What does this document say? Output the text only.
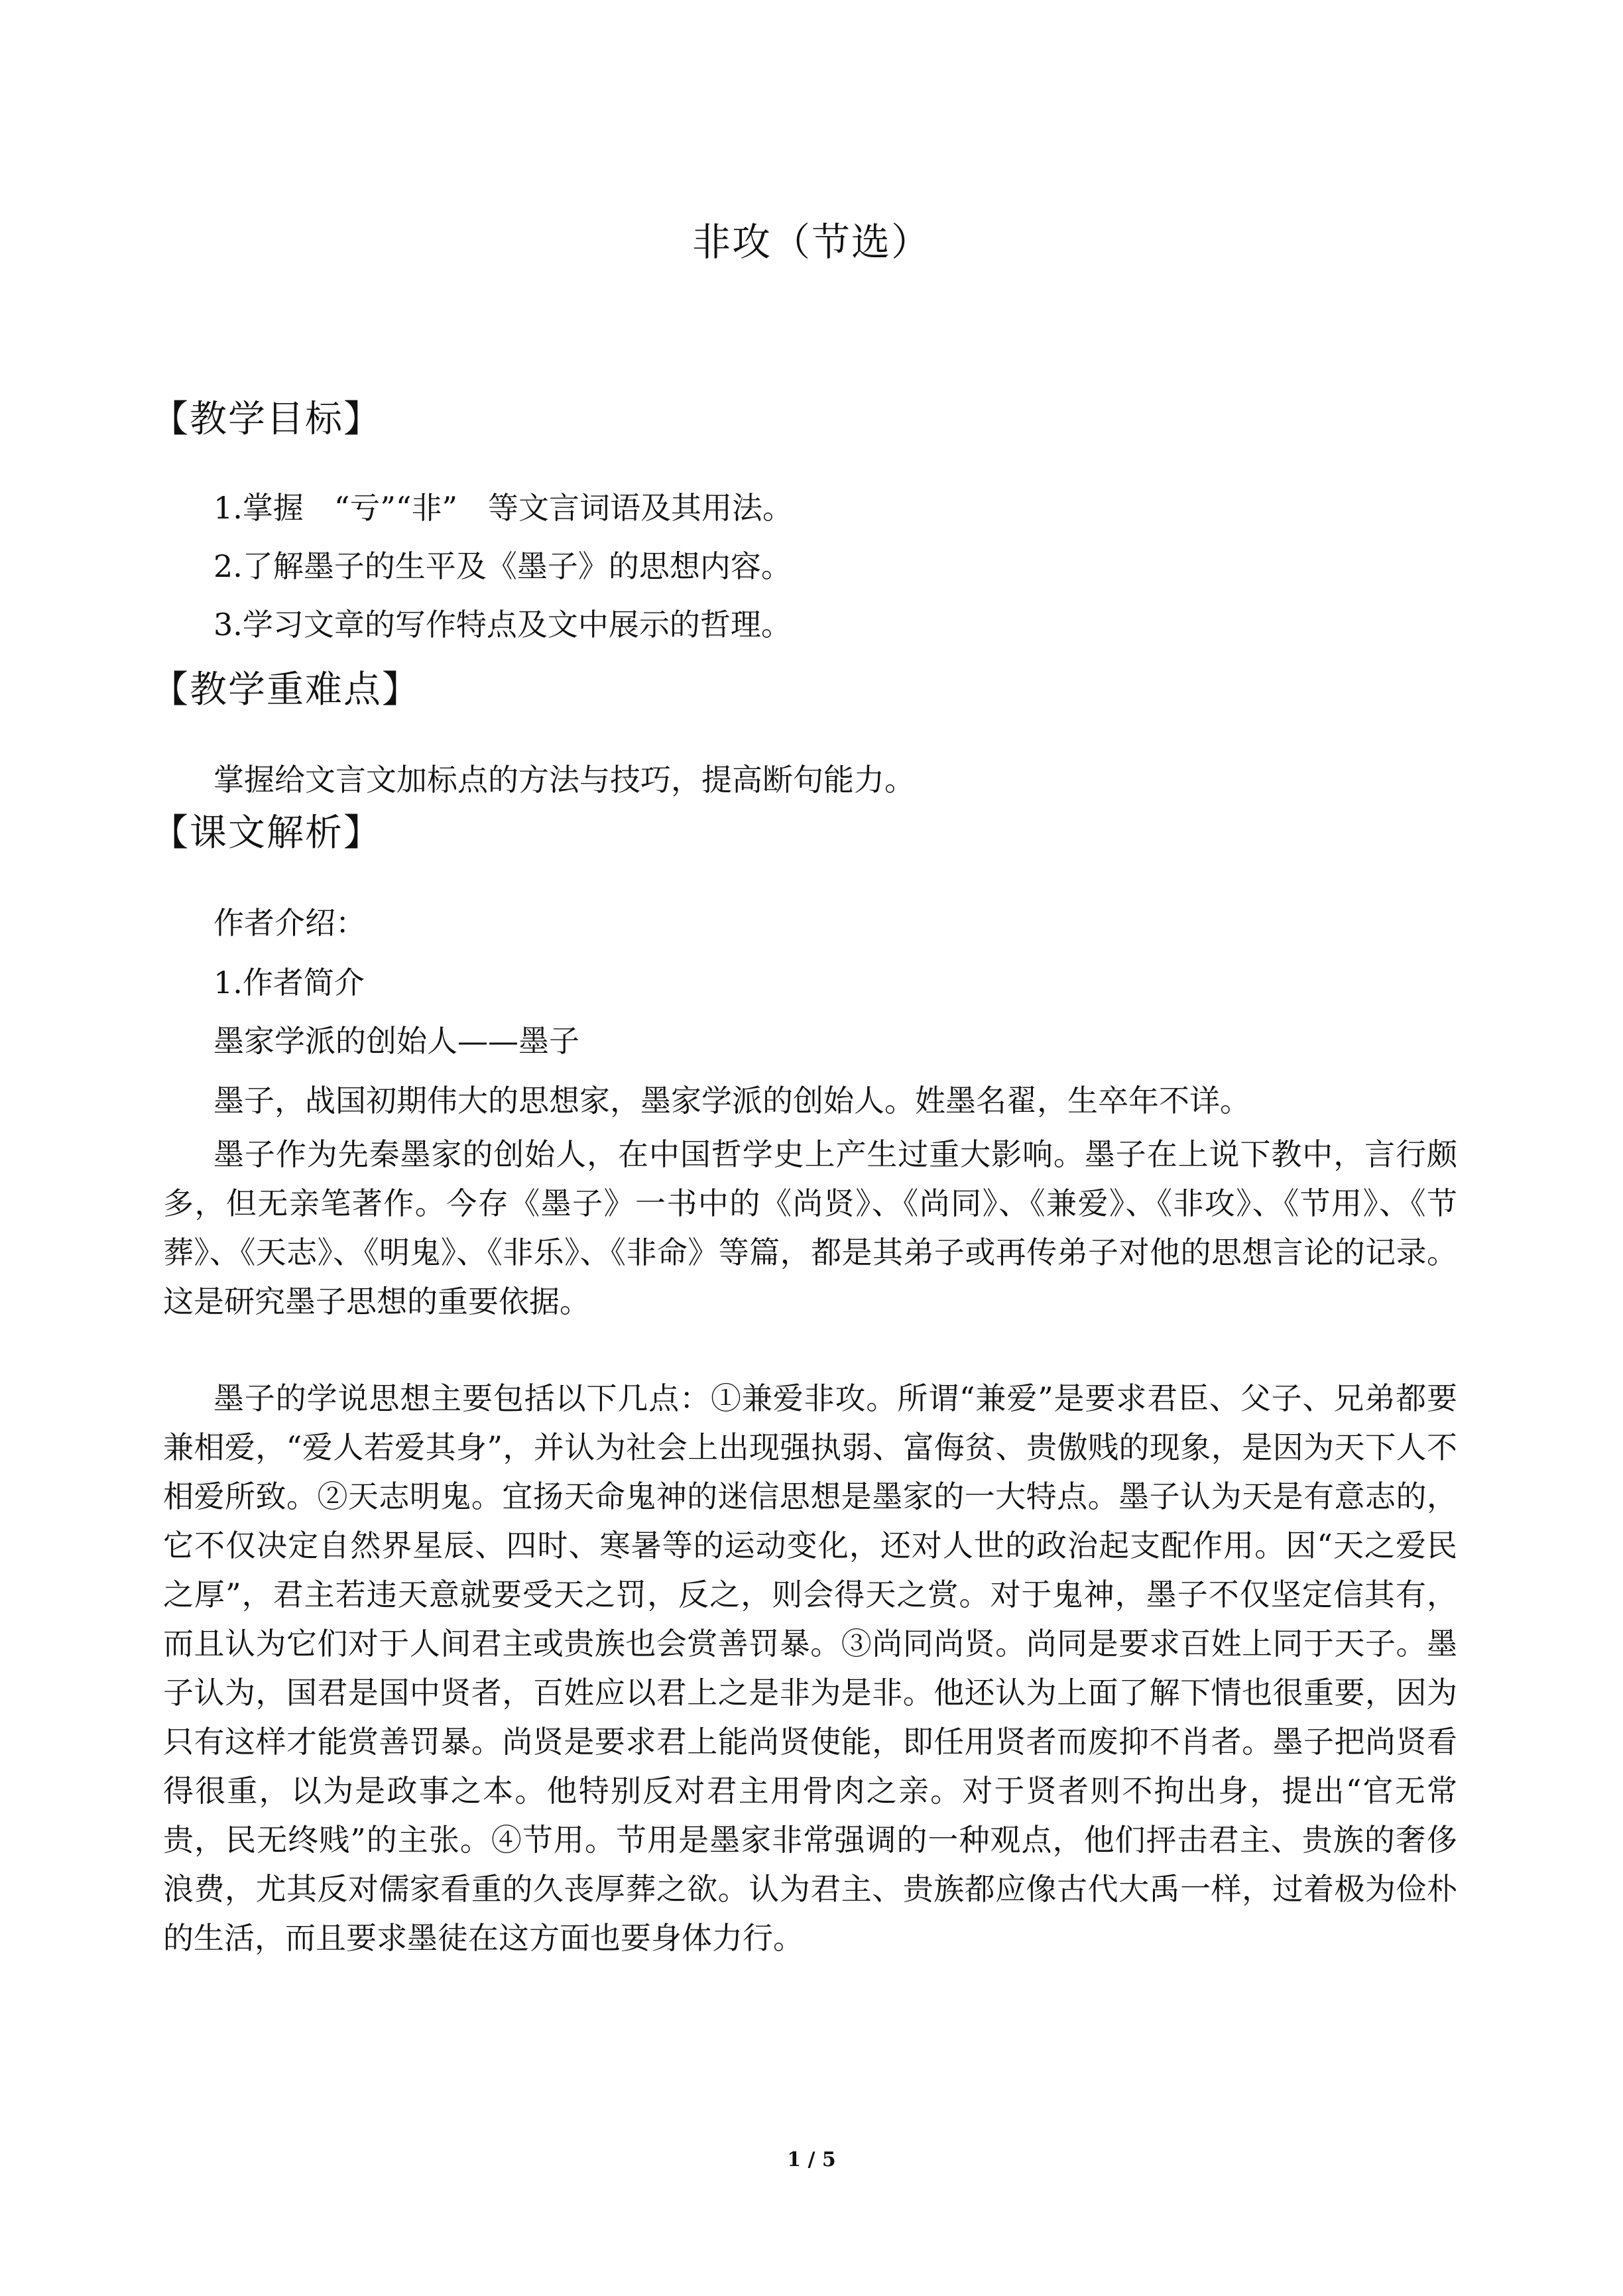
非攻（节选）
【教学目标】
1.掌握　“亏”“非”　等文言词语及其用法。
2.了解墨子的生平及《墨子》的思想内容。
3.学习文章的写作特点及文中展示的哲理。
【教学重难点】
掌握给文言文加标点的方法与技巧，提高断句能力。
【课文解析】
作者介绍：
1.作者简介
墨家学派的创始人——墨子
墨子，战国初期伟大的思想家，墨家学派的创始人。姓墨名翟，生卒年不详。

墨子作为先秦墨家的创始人，在中国哲学史上产生过重大影响。墨子在上说下教中，言行颇多，但无亲笔著作。今存《墨子》一书中的《尚贤》、《尚同》、《兼爱》、《非攻》、《节用》、《节葬》、《天志》、《明鬼》、《非乐》、《非命》等篇，都是其弟子或再传弟子对他的思想言论的记录。这是研究墨子思想的重要依据。

墨子的学说思想主要包括以下几点：①兼爱非攻。所谓“兼爱”是要求君臣、父子、兄弟都要兼相爱，“爱人若爱其身”，并认为社会上出现强执弱、富侮贫、贵傲贱的现象，是因为天下人不相爱所致。②天志明鬼。宜扬天命鬼神的迷信思想是墨家的一大特点。墨子认为天是有意志的，它不仅决定自然界星辰、四时、寒暑等的运动变化，还对人世的政治起支配作用。因“天之爱民之厚”，君主若违天意就要受天之罚，反之，则会得天之赏。对于鬼神，墨子不仅坚定信其有，而且认为它们对于人间君主或贵族也会赏善罚暴。③尚同尚贤。尚同是要求百姓上同于天子。墨子认为，国君是国中贤者，百姓应以君上之是非为是非。他还认为上面了解下情也很重要，因为只有这样才能赏善罚暴。尚贤是要求君上能尚贤使能，即任用贤者而废抑不肖者。墨子把尚贤看得很重，以为是政事之本。他特别反对君主用骨肉之亲。对于贤者则不拘出身，提出“官无常贵，民无终贱”的主张。④节用。节用是墨家非常强调的一种观点，他们抨击君主、贵族的奢侈浪费，尤其反对儒家看重的久丧厚葬之欲。认为君主、贵族都应像古代大禹一样，过着极为俭朴的生活，而且要求墨徒在这方面也要身体力行。

1 / 5
